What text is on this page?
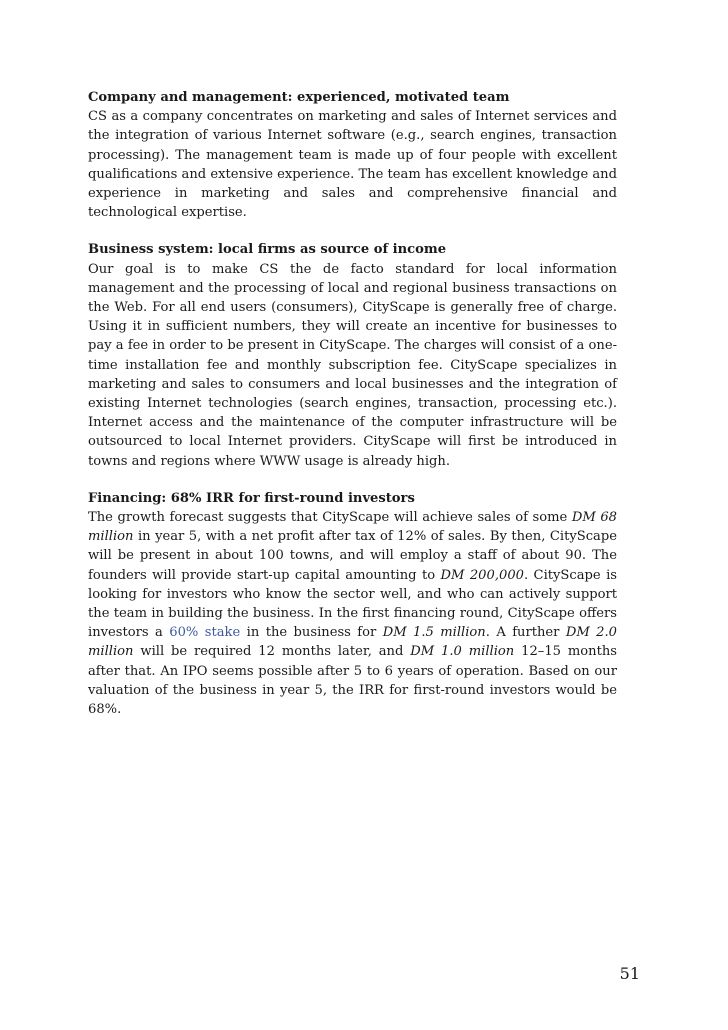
Company and management: experienced, motivated team
CS as a company concentrates on marketing and sales of Internet services and the integration of various Internet software (e.g., search engines, transaction processing). The management team is made up of four people with excellent qualifications and extensive experience. The team has excellent knowledge and experience in marketing and sales and comprehensive financial and technological expertise.
Business system: local firms as source of income
Our goal is to make CS the de facto standard for local information management and the processing of local and regional business transactions on the Web. For all end users (consumers), CityScape is generally free of charge. Using it in sufficient numbers, they will create an incentive for businesses to pay a fee in order to be present in CityScape. The charges will consist of a one-time installation fee and monthly subscription fee. CityScape specializes in marketing and sales to consumers and local businesses and the integration of existing Internet technologies (search engines, transaction, processing etc.). Internet access and the maintenance of the computer infrastructure will be outsourced to local Internet providers. CityScape will first be introduced in towns and regions where WWW usage is already high.
Financing: 68% IRR for first-round investors
The growth forecast suggests that CityScape will achieve sales of some DM 68 million in year 5, with a net profit after tax of 12% of sales. By then, CityScape will be present in about 100 towns, and will employ a staff of about 90. The founders will provide start-up capital amounting to DM 200,000. CityScape is looking for investors who know the sector well, and who can actively support the team in building the business. In the first financing round, CityScape offers investors a 60% stake in the business for DM 1.5 million. A further DM 2.0 million will be required 12 months later, and DM 1.0 million 12–15 months after that. An IPO seems possible after 5 to 6 years of operation. Based on our valuation of the business in year 5, the IRR for first-round investors would be 68%.
51
